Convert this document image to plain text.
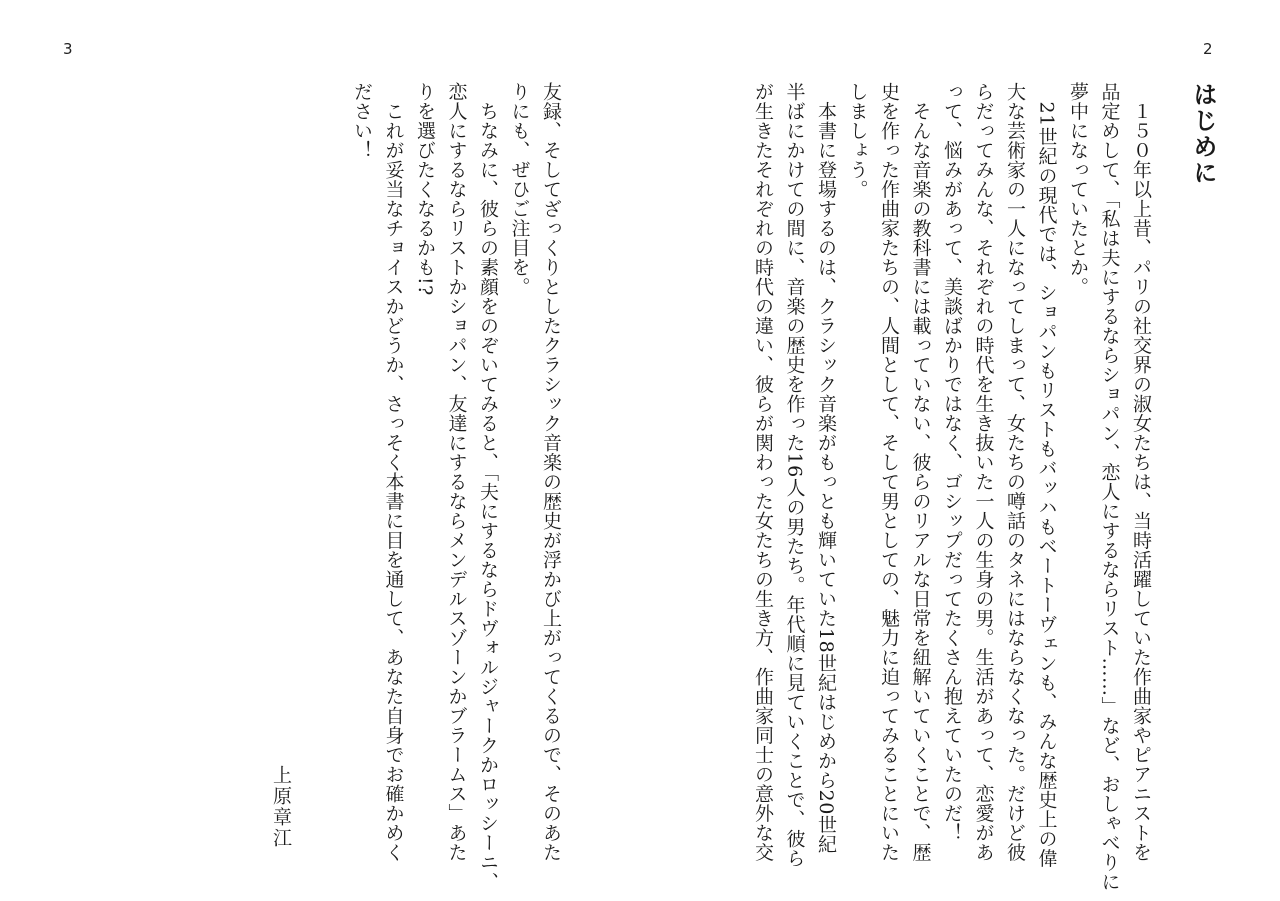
3	2
はじめに

　１５０年以上昔、パリの社交界の淑女たちは、当時活躍していた作曲家やピアニストを

品定めして、「私は夫にするならショパン、恋人にするならリスト……」など、おしゃべりに

夢中になっていたとか。

　21世紀の現代では、ショパンもリストもバッハもベートーヴェンも、みんな歴史上の偉

大な芸術家の一人になってしまって、女たちの噂話のタネにはならなくなった。だけど彼

らだってみんな、それぞれの時代を生き抜いた一人の生身の男。生活があって、恋愛があ

って、悩みがあって、美談ばかりではなく、ゴシップだってたくさん抱えていたのだ！

　そんな音楽の教科書には載っていない、彼らのリアルな日常を紐解いていくことで、歴

史を作った作曲家たちの、人間として、そして男としての、魅力に迫ってみることにいた

しましょう。

　本書に登場するのは、クラシック音楽がもっとも輝いていた18世紀はじめから20世紀

半ばにかけての間に、音楽の歴史を作った16人の男たち。年代順に見ていくことで、彼ら

が生きたそれぞれの時代の違い、彼らが関わった女たちの生き方、作曲家同士の意外な交

友録、そしてざっくりとしたクラシック音楽の歴史が浮かび上がってくるので、そのあた

りにも、ぜひご注目を。

　ちなみに、彼らの素顔をのぞいてみると、「夫にするならドヴォルジャークかロッシーニ、

恋人にするならリストかショパン、友達にするならメンデルスゾーンかブラームス」あた

りを選びたくなるかも!?

　これが妥当なチョイスかどうか、さっそく本書に目を通して、あなた自身でお確かめく

ださい！

上原章江
